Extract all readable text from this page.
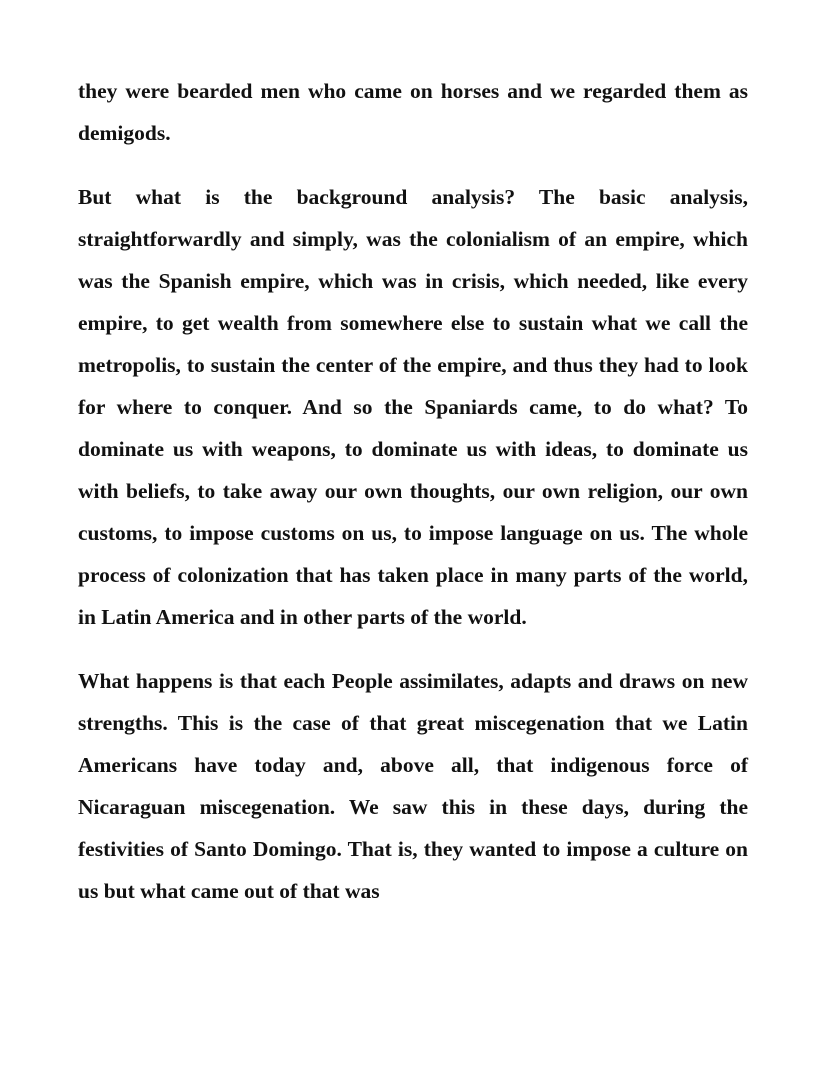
they were bearded men who came on horses and we regarded them as demigods.

But what is the background analysis? The basic analysis, straightforwardly and simply, was the colonialism of an empire, which was the Spanish empire, which was in crisis, which needed, like every empire, to get wealth from somewhere else to sustain what we call the metropolis, to sustain the center of the empire, and thus they had to look for where to conquer. And so the Spaniards came, to do what? To dominate us with weapons, to dominate us with ideas, to dominate us with beliefs, to take away our own thoughts, our own religion, our own customs, to impose customs on us, to impose language on us. The whole process of colonization that has taken place in many parts of the world, in Latin America and in other parts of the world.

What happens is that each People assimilates, adapts and draws on new strengths. This is the case of that great miscegenation that we Latin Americans have today and, above all, that indigenous force of Nicaraguan miscegenation. We saw this in these days, during the festivities of Santo Domingo. That is, they wanted to impose a culture on us but what came out of that was
